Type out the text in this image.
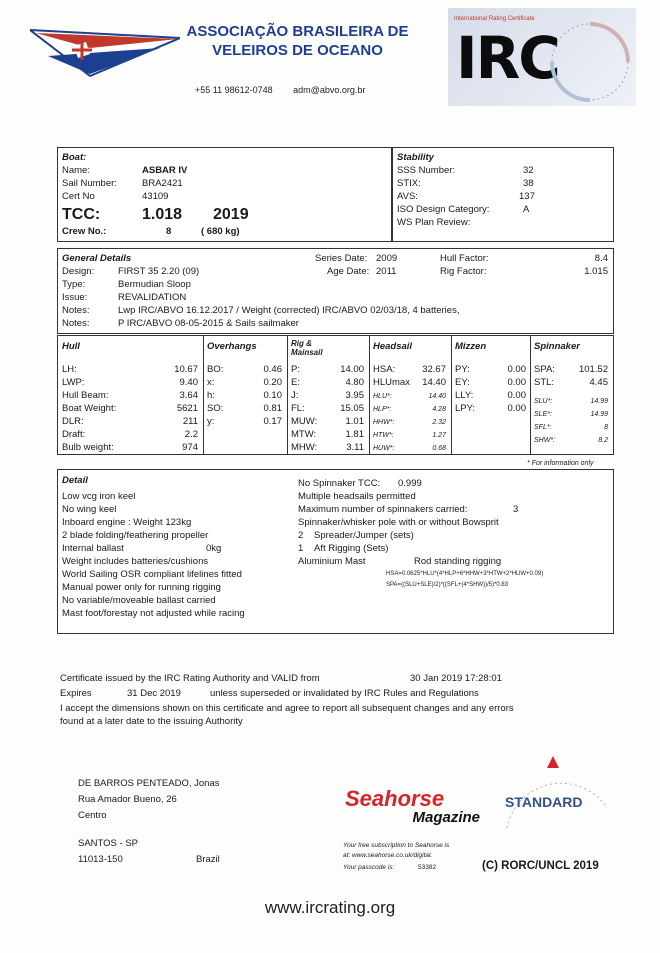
ASSOCIAÇÃO BRASILEIRA DE
VELEIROS DE OCEANO
+55 11 98612-0748 adm@abvo.org.br
International Rating Certificate
IRC
Boat:
Name:	ASBAR IV
Sail Number:	BRA2421
Cert No	43109
TCC:	1.018 2019
Crew No.:	8	( 680 kg)
Stability
SSS Number:	32
STIX:	38
AVS:	137
ISO Design Category:	A
WS Plan Review:
General Details
Design:	FIRST 35 2.20 (09)
Type:	Bermudian Sloop
Issue:	REVALIDATION
Notes:	Lwp IRC/ABVO 16.12.2017 / Weight (corrected) IRC/ABVO 02/03/18, 4 batteries,
Notes:	P IRC/ABVO 08-05-2015 & Sails sailmaker
Series Date: 2009
Age Date: 2011
Hull Factor:	8.4
Rig Factor:	1.015
Hull
LH:	10.67
LWP:	9.40
Hull Beam:	3.64
Boat Weight:	5621
DLR:	211
Draft:	2.2
Bulb weight:	974
Overhangs
BO:	0.46
x:	0.20
h:	0.10
SO:	0.81
y:	0.17
Rig &
Mainsail
P:	14.00
E:	4.80
J:	3.95
FL:	15.05
MUW:	1.01
MTW:	1.81
MHW:	3.11
Headsail
HSA:	32.67
HLUmax	14.40
HLU*:	14.40
HLP*:	4.28
HHW*:	2.32
HTW*:	1.27
HUW*:	0.68
Mizzen
PY:	0.00
EY:	0.00
LLY:	0.00
LPY:	0.00
Spinnaker
SPA:	101.52
STL:	4.45
SLU*:	14.99
SLE*:	14.99
SFL*:	8
SHW*:	8.2
* For information only
Detail
Low vcg iron keel
No wing keel
Inboard engine : Weight 123kg
2 blade folding/feathering propeller
Internal ballast	0kg
Weight includes batteries/cushions
World Sailing OSR compliant lifelines fitted
Manual power only for running rigging
No variable/moveable ballast carried
Mast foot/forestay not adjusted while racing
No Spinnaker TCC: 0.999
Multiple headsails permitted
Maximum number of spinnakers carried:	3
Spinnaker/whisker pole with or without Bowsprit
2 Spreader/Jumper (sets)
1 Aft Rigging (Sets)
Aluminium Mast	Rod standing rigging
HSA=0.0625*HLU*(4*HLP+6*HHW+3*HTW+2*HUW+0.09)
SPA=((SLU+SLE)/2)*((SFL+(4*SHW))/5)*0.83
Certificate issued by the IRC Rating Authority and VALID from	30 Jan 2019 17:28:01
Expires	31 Dec 2019	unless superseded or invalidated by IRC Rules and Regulations
I accept the dimensions shown on this certificate and agree to report all subsequent changes and any errors
found at a later date to the issuing Authority
DE BARROS PENTEADO, Jonas
Rua Amador Bueno, 26
Centro
SANTOS - SP
11013-150	Brazil
Seahorse
Magazine
Your free subscription to Seahorse is
at: www.seahorse.co.uk/digital.
Your passcode is:	53382
STANDARD
(C) RORC/UNCL 2019
www.ircrating.org
